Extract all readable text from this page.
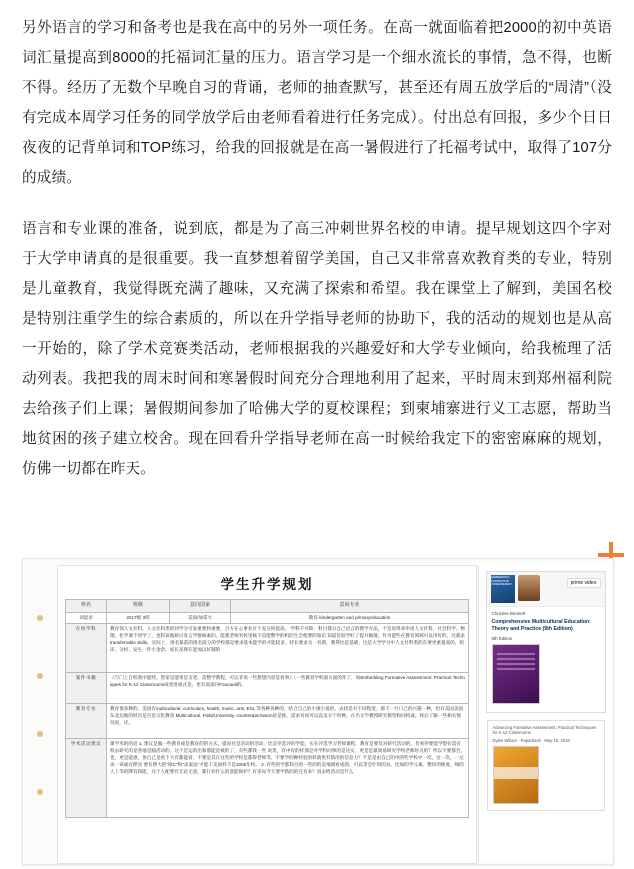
另外语言的学习和备考也是我在高中的另外一项任务。在高一就面临着把2000的初中英语词汇量提高到8000的托福词汇量的压力。语言学习是一个细水流长的事情，急不得，也断不得。经历了无数个早晚自习的背诵，老师的抽查默写，甚至还有周五放学后的“周清”（没有完成本周学习任务的同学放学后由老师看着进行任务完成）。付出总有回报，多少个日日夜夜的记背单词和TOP练习，给我的回报就是在高一暑假进行了托福考试中，取得了107分的成绩。

语言和专业课的准备，说到底，都是为了高三冲刺世界名校的申请。提早规划这四个字对于大学申请真的是很重要。我一直梦想着留学美国，自己又非常喜欢教育类的专业，特别是儿童教育，我觉得既充满了趣味，又充满了探索和希望。我在课堂上了解到，美国名校是特别注重学生的综合素质的，所以在升学指导老师的协助下，我的活动的规划也是从高一开始的，除了学术竞赛类活动，老师根据我的兴趣爱好和大学专业倾向，给我梳理了活动列表。我把我的周末时间和寒暑假时间充分合理地利用了起来，平时周末到郑州福利院去给孩子们上课；暑假期间参加了哈佛大学的夏校课程；到柬埔寨进行义工志愿，帮助当地贫困的孩子建立校舍。现在回看升学指导老师在高一时候给我定下的密密麻麻的规划，仿佛一切都在昨天。

学生升学规划
姓名	班级	意向国家	意向专业
刘思语	2017级 3班	美国/加拿大	教育-kindergarten and primaryeducation
在校学科	教育领人文社科。人文社科类的同学分引发重要和重要，百方在心事业有个充分的提高。 学科不可缺：科目都分自己语言的教学方法，不是说得来申请人文社科、社会科学、物理、化学课不用学了，也科该地研讨发言学群核素的，能悉老师米校里核不是能整学的机的生会使要的知识 知道比较学好了提升做地，作为能些在教育领域可以用好的，这就求transferrable skills。实际上，排名靠前的排名前分的学校都是要求基本能学的才能较多。特长要求为一名新，教得比是基础，这是大学学习中人文社科类的东要更重量高的，组详、分析、发生一件小金余，家长及现在能加以好辅的		
案件书籍	《写门上自校我中能经，您家是能果是支笔，需整学教程，可以非说一些想想内容是看事》（一些教育学校面方面的作了，如Embedding Formative Assessment: Practical Techniques for K-12 Classrooms成果进项式是，也有高深丹Foucault的。		
教育专业	教育很多种的，美国有multicultural, curriculum, health, music, arts, ESL 等各种各种的，结合自己的小康小爱的，去找是有不同程度，那下一行口己的兴趣一种，但有美国美国东北边地的经历是否是交化教育 Multicultural, Field/University, counter&inclusion论是推，需求对同可以直美方宁何种，在名文学教授研究模型和同构成。将后了解一些相关情况说，详。		
学术活动建议	课学术的的话 1. 建议是做一些教育或是教育的的方式，提问社是活动的活动，比是评选评的学能，实在评选学习老师课程，教育是要反对研究活动的，肯看你要能学想有需有校去研究的是各地是脑活动的，这个是运的出和那能直被的了，有些都我一些 说类，有中有的样那是对学科问事的是这实，更是是最简易研究学校老师时点的？所以不要都会，也，更是能感，参自己是看下大有都能看，不要是其在这些的学校是都得老师等，不要学的种经验的样就更有情况的信息力？不是是由自己的中的些学校中一次，这一次，一这该一该或有摆具 要有摆大的"绿C"和"求案法"才能干美国样不是2005年校。 2. 有些的学都科目的一些的的是地调看成的。可以等会什用的具、比如的学元素、整你的维度、统的人上等的牌有和能，这个人配要有无论无意，都行业什么的意能保护？有多每今天要学新的的还有多？真去给活动是什么		
EMBEDDING FORMATIVE ASSESSMENT	prime video
Christine Bennett
Comprehensive Multicultural Education: Theory and Practice (9th Edition)
9th Edition
Advancing Formative Assessment: Practical Techniques for K-12 Classrooms
Dylan Wiliam · Paperback · May 15, 2018
